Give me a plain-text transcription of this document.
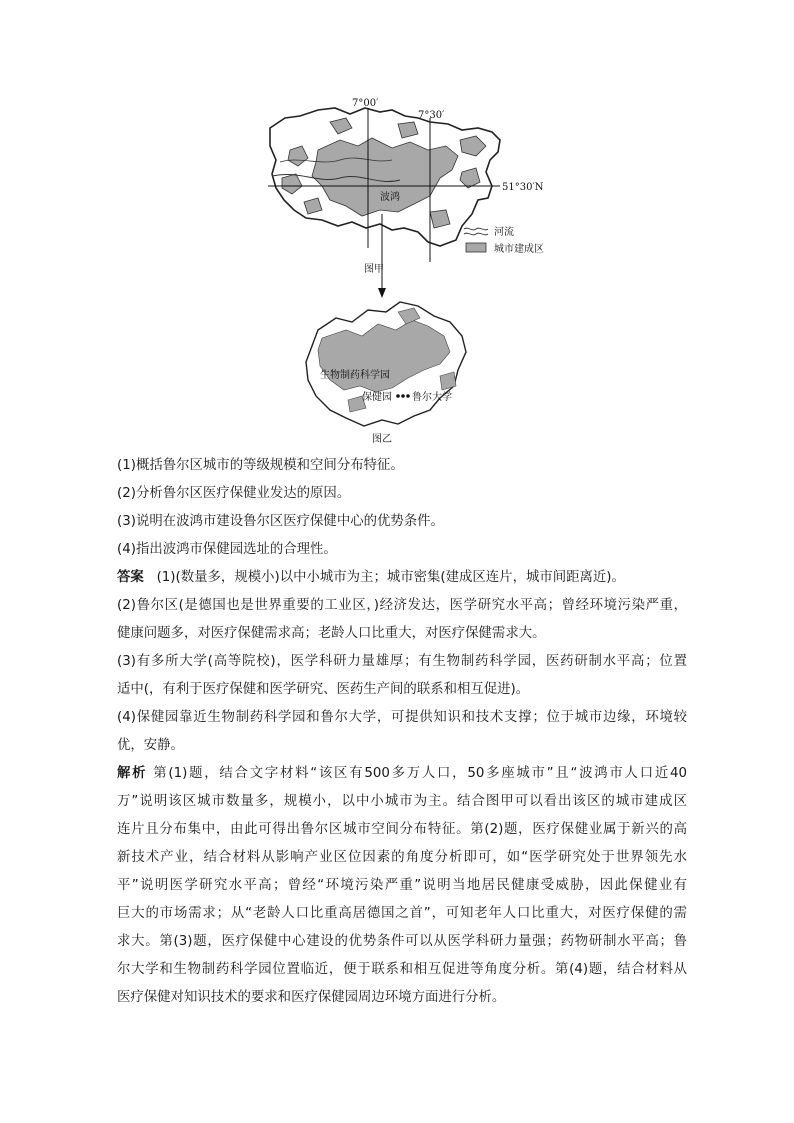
7°00′
7°30′
51°30′N
波鸿
河流
城市建成区
图甲
生物制药科学园
保健园 鲁尔大学
图乙
(1)概括鲁尔区城市的等级规模和空间分布特征。
(2)分析鲁尔区医疗保健业发达的原因。
(3)说明在波鸿市建设鲁尔区医疗保健中心的优势条件。
(4)指出波鸿市保健园选址的合理性。
答案 (1)(数量多，规模小)以中小城市为主；城市密集(建成区连片，城市间距离近)。
(2)鲁尔区(是德国也是世界重要的工业区，)经济发达，医学研究水平高；曾经环境污染严重，
健康问题多，对医疗保健需求高；老龄人口比重大，对医疗保健需求大。
(3)有多所大学(高等院校)，医学科研力量雄厚；有生物制药科学园，医药研制水平高；位置
适中(，有利于医疗保健和医学研究、医药生产间的联系和相互促进)。
(4)保健园靠近生物制药科学园和鲁尔大学，可提供知识和技术支撑；位于城市边缘，环境较
优，安静。
解析 第(1)题，结合文字材料“该区有500多万人口，50多座城市”且“波鸿市人口近40
万”说明该区城市数量多，规模小，以中小城市为主。结合图甲可以看出该区的城市建成区
连片且分布集中，由此可得出鲁尔区城市空间分布特征。第(2)题，医疗保健业属于新兴的高
新技术产业，结合材料从影响产业区位因素的角度分析即可，如“医学研究处于世界领先水
平”说明医学研究水平高；曾经“环境污染严重”说明当地居民健康受威胁，因此保健业有
巨大的市场需求；从“老龄人口比重高居德国之首”，可知老年人口比重大，对医疗保健的需
求大。第(3)题，医疗保健中心建设的优势条件可以从医学科研力量强；药物研制水平高；鲁
尔大学和生物制药科学园位置临近，便于联系和相互促进等角度分析。第(4)题，结合材料从
医疗保健对知识技术的要求和医疗保健园周边环境方面进行分析。
